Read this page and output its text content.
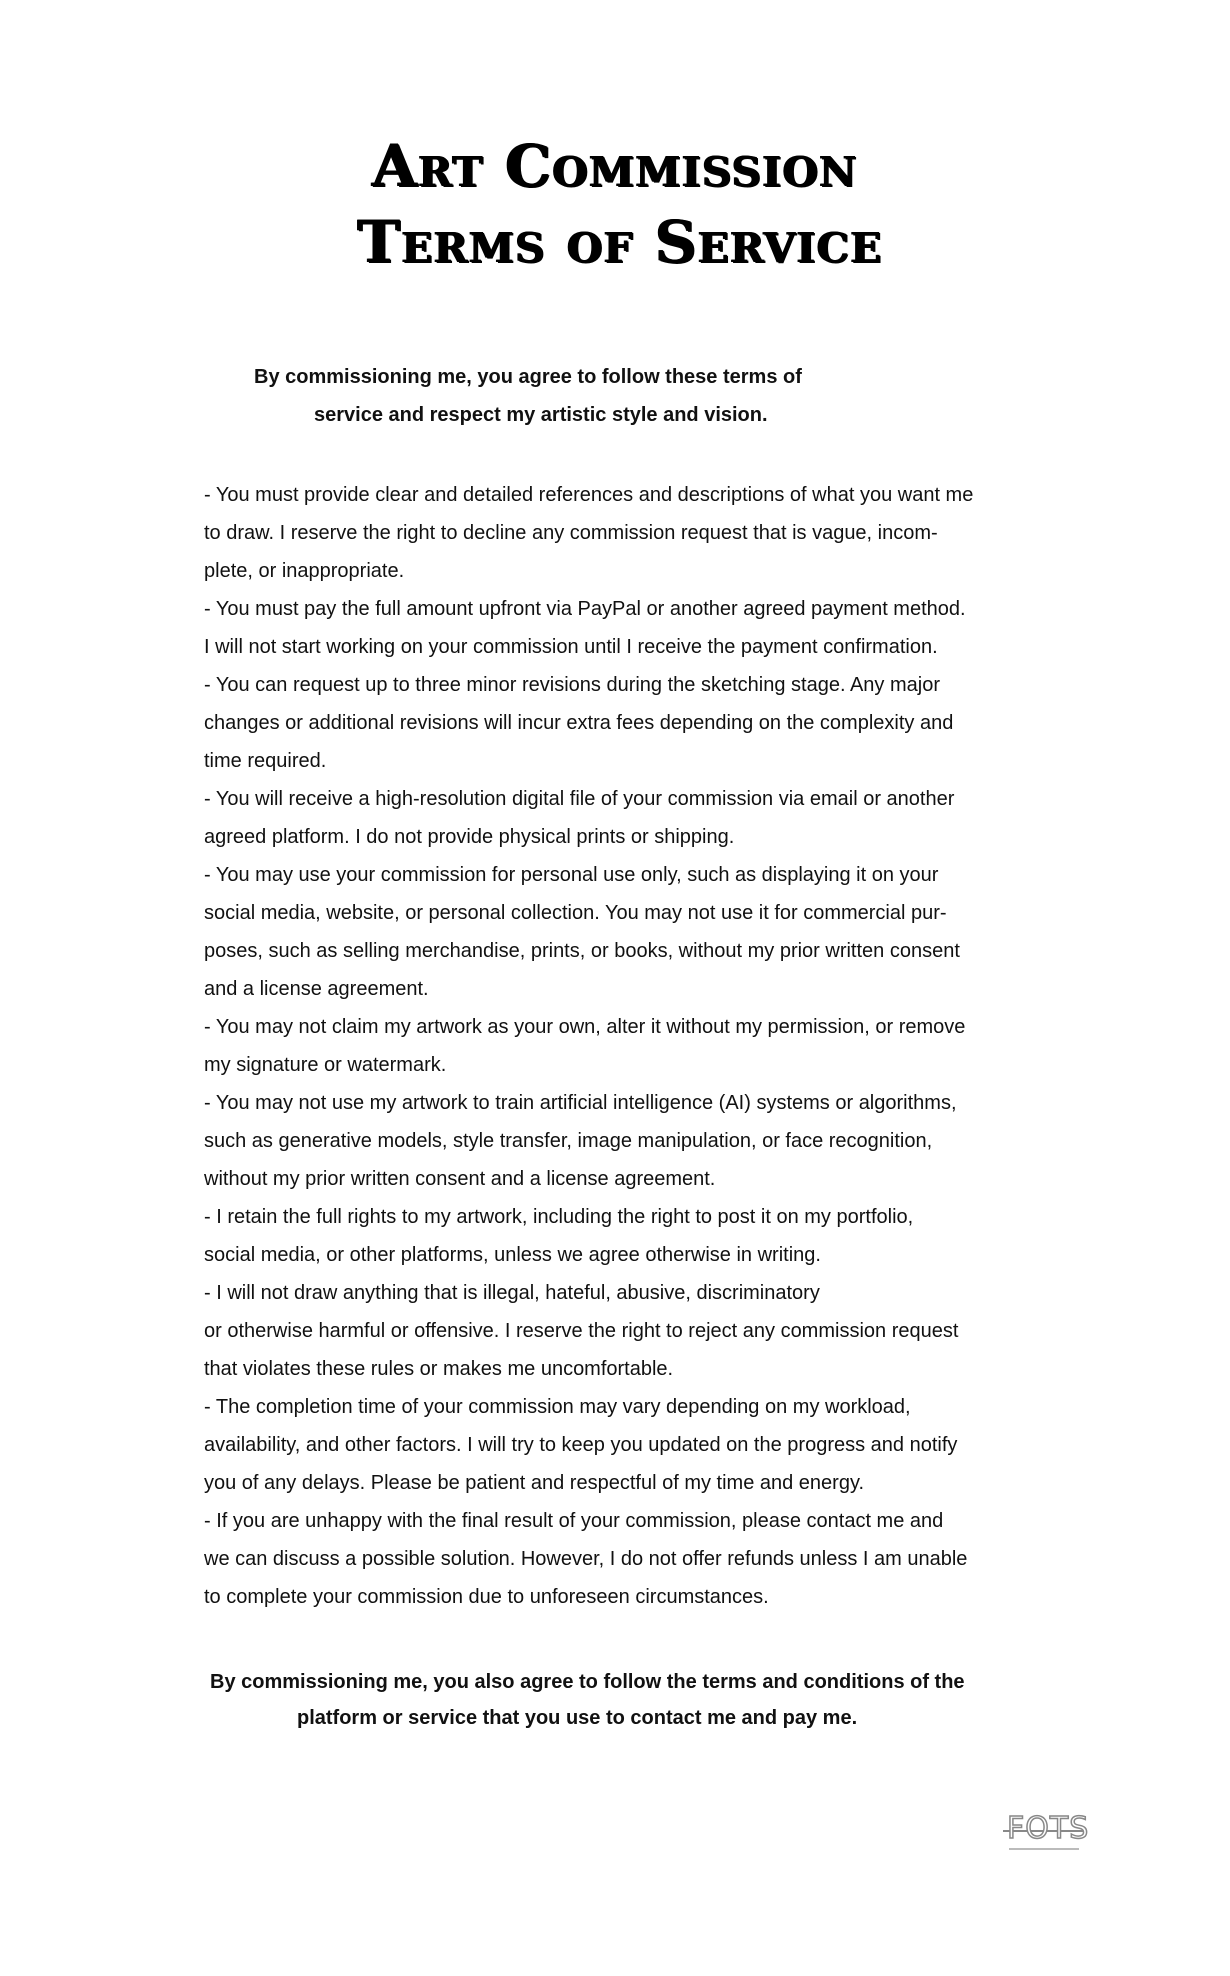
Art Commission
Terms of Service
By commissioning me, you agree to follow these terms of
service and respect my artistic style and vision.
- You must provide clear and detailed references and descriptions of what you want me
to draw. I reserve the right to decline any commission request that is vague, incom-
plete, or inappropriate.
- You must pay the full amount upfront via PayPal or another agreed payment method.
I will not start working on your commission until I receive the payment confirmation.
- You can request up to three minor revisions during the sketching stage. Any major
changes or additional revisions will incur extra fees depending on the complexity and
time required.
- You will receive a high-resolution digital file of your commission via email or another
agreed platform. I do not provide physical prints or shipping.
- You may use your commission for personal use only, such as displaying it on your
social media, website, or personal collection. You may not use it for commercial pur-
poses, such as selling merchandise, prints, or books, without my prior written consent
and a license agreement.
- You may not claim my artwork as your own, alter it without my permission, or remove
my signature or watermark.
- You may not use my artwork to train artificial intelligence (AI) systems or algorithms,
such as generative models, style transfer, image manipulation, or face recognition,
without my prior written consent and a license agreement.
- I retain the full rights to my artwork, including the right to post it on my portfolio,
social media, or other platforms, unless we agree otherwise in writing.
- I will not draw anything that is illegal, hateful, abusive, discriminatory
or otherwise harmful or offensive. I reserve the right to reject any commission request
that violates these rules or makes me uncomfortable.
- The completion time of your commission may vary depending on my workload,
availability, and other factors. I will try to keep you updated on the progress and notify
you of any delays. Please be patient and respectful of my time and energy.
- If you are unhappy with the final result of your commission, please contact me and
we can discuss a possible solution. However, I do not offer refunds unless I am unable
to complete your commission due to unforeseen circumstances.
By commissioning me, you also agree to follow the terms and conditions of the
platform or service that you use to contact me and pay me.
FOTS
